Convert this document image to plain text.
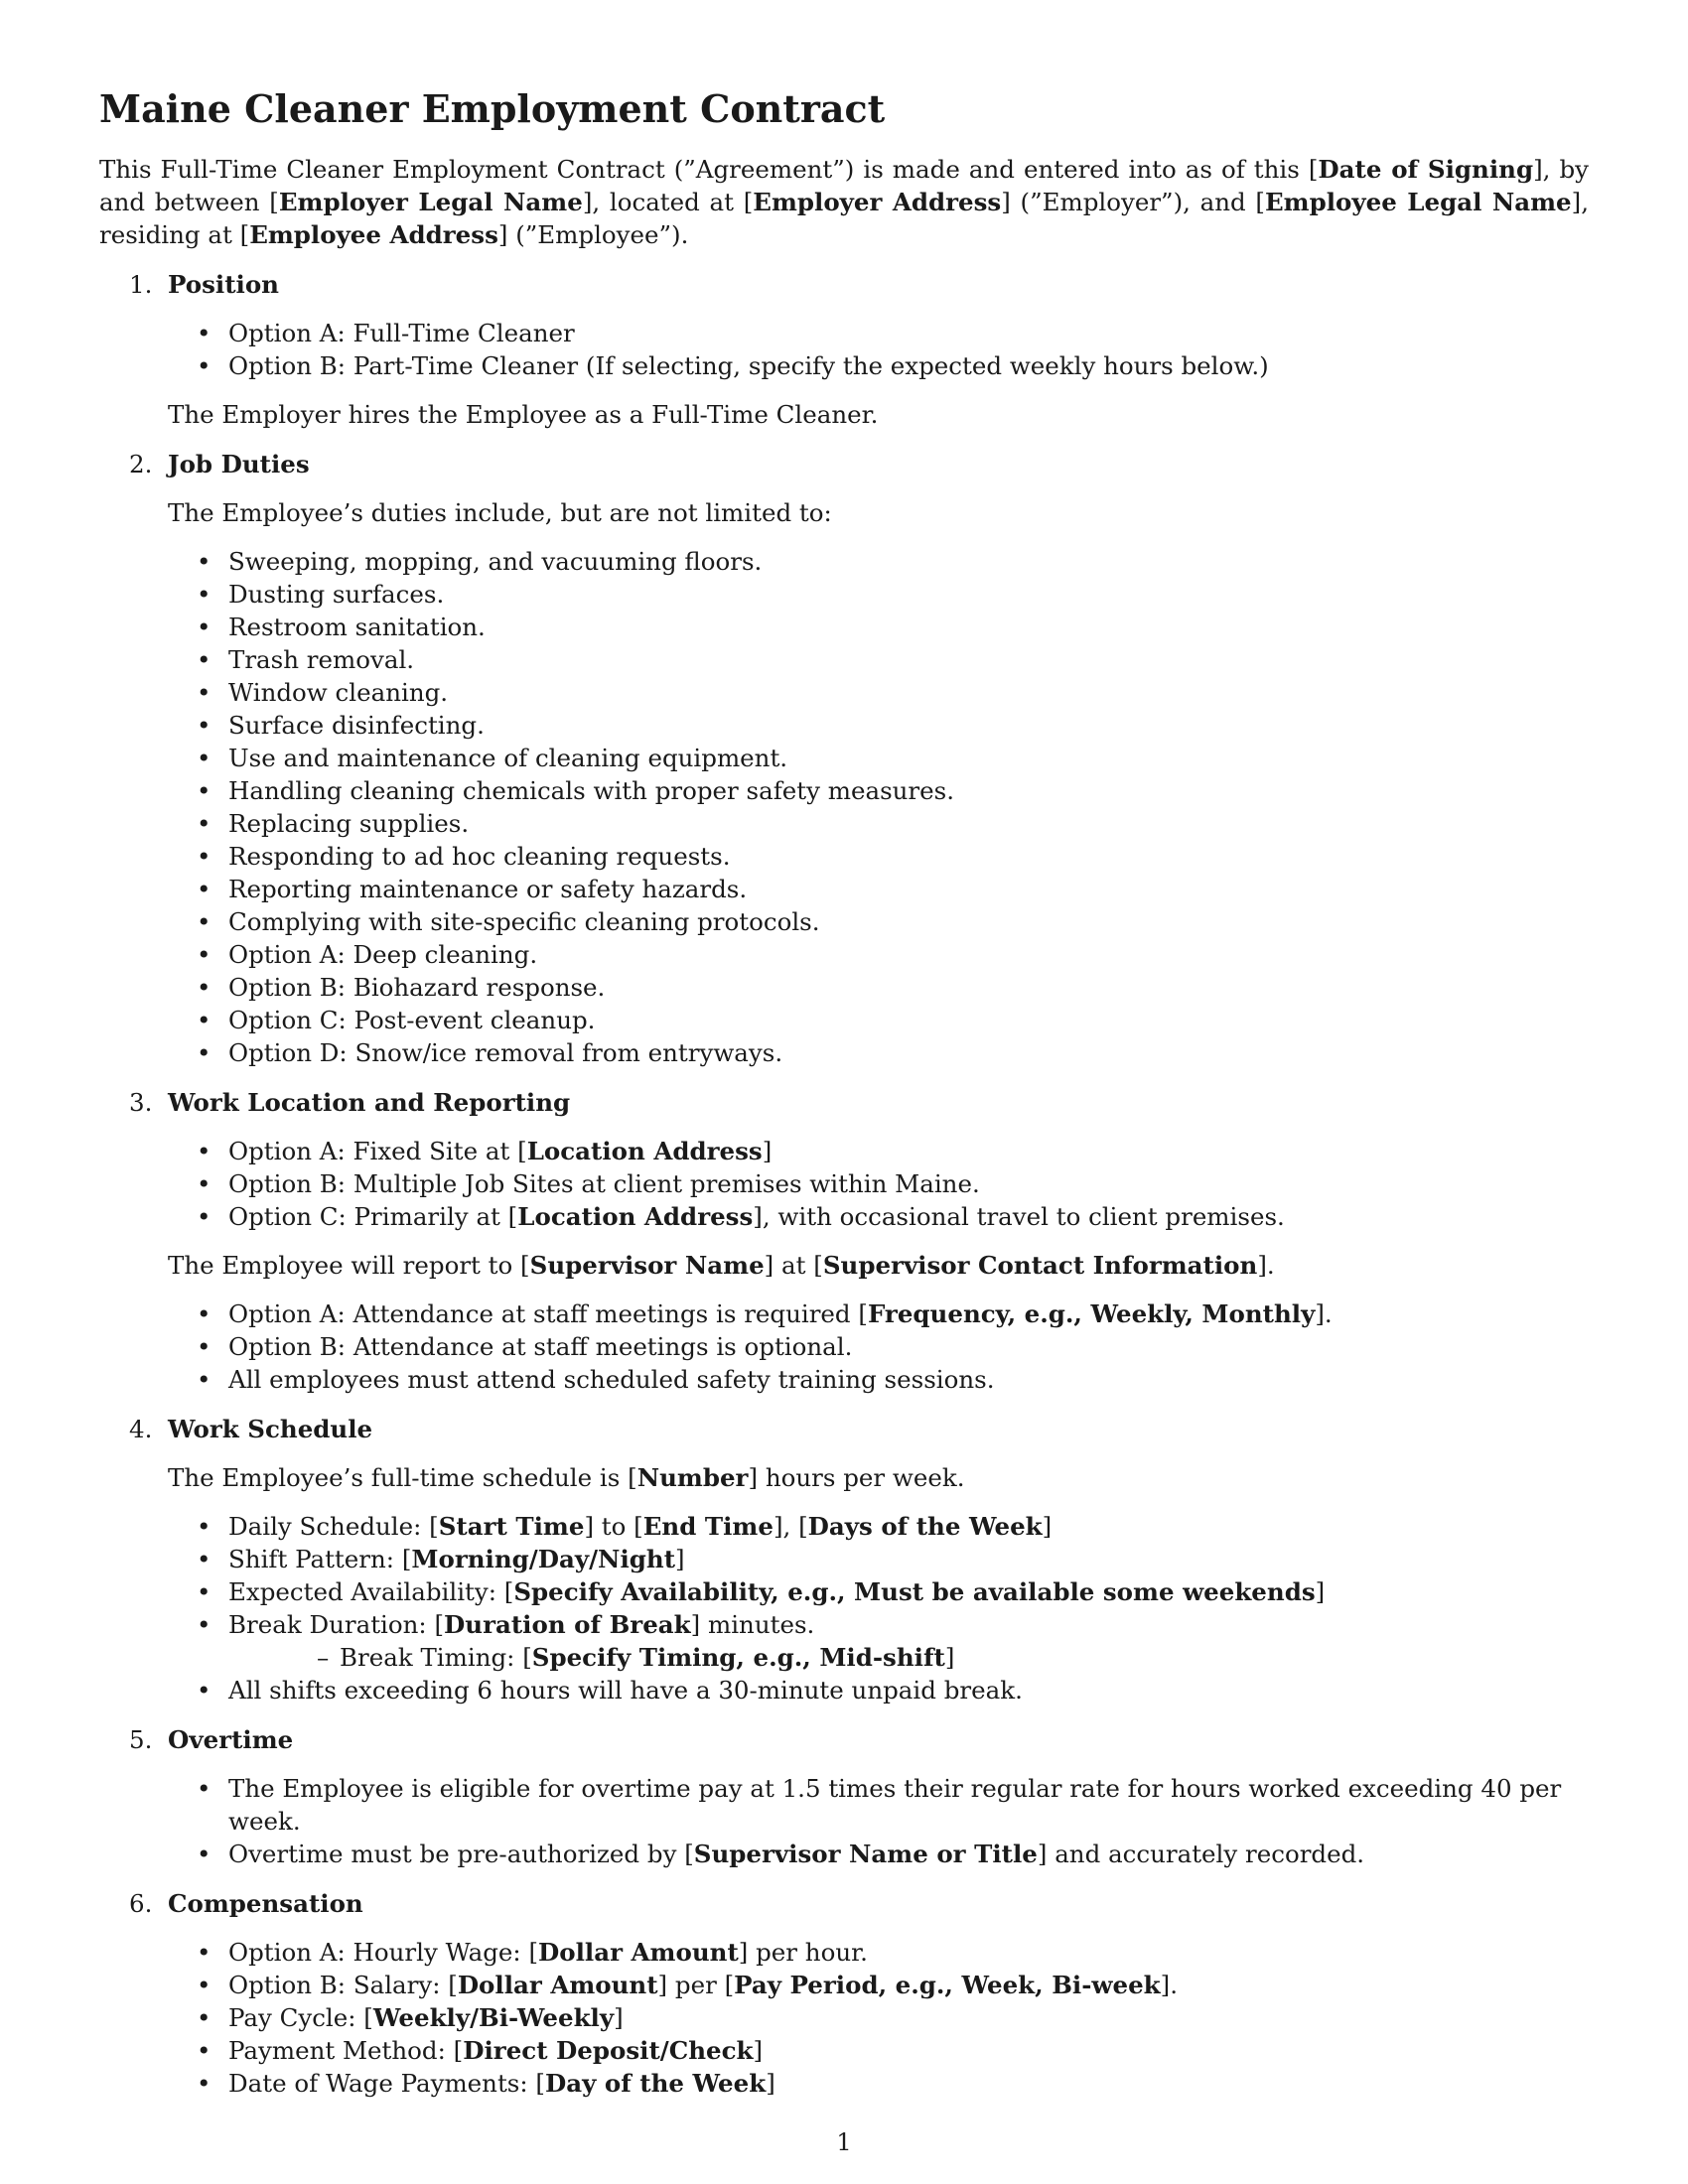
Maine Cleaner Employment Contract

This Full-Time Cleaner Employment Contract (”Agreement”) is made and entered into as of this [Date of Signing], by and between [Employer Legal Name], located at [Employer Address] (”Employer”), and [Employee Legal Name], residing at [Employee Address] (”Employee”).

1. Position
• Option A: Full-Time Cleaner
• Option B: Part-Time Cleaner (If selecting, specify the expected weekly hours below.)

The Employer hires the Employee as a Full-Time Cleaner.

2. Job Duties

The Employee’s duties include, but are not limited to:

• Sweeping, mopping, and vacuuming floors.
• Dusting surfaces.
• Restroom sanitation.
• Trash removal.
• Window cleaning.
• Surface disinfecting.
• Use and maintenance of cleaning equipment.
• Handling cleaning chemicals with proper safety measures.
• Replacing supplies.
• Responding to ad hoc cleaning requests.
• Reporting maintenance or safety hazards.
• Complying with site-specific cleaning protocols.
• Option A: Deep cleaning.
• Option B: Biohazard response.
• Option C: Post-event cleanup.
• Option D: Snow/ice removal from entryways.
3. Work Location and Reporting
• Option A: Fixed Site at [Location Address]
• Option B: Multiple Job Sites at client premises within Maine.
• Option C: Primarily at [Location Address], with occasional travel to client premises.

The Employee will report to [Supervisor Name] at [Supervisor Contact Information].

• Option A: Attendance at staff meetings is required [Frequency, e.g., Weekly, Monthly].
• Option B: Attendance at staff meetings is optional.
• All employees must attend scheduled safety training sessions.
4. Work Schedule

The Employee’s full-time schedule is [Number] hours per week.

• Daily Schedule: [Start Time] to [End Time], [Days of the Week]
• Shift Pattern: [Morning/Day/Night]
• Expected Availability: [Specify Availability, e.g., Must be available some weekends]
• Break Duration: [Duration of Break] minutes.
– Break Timing: [Specify Timing, e.g., Mid-shift]
• All shifts exceeding 6 hours will have a 30-minute unpaid break.
5. Overtime
• The Employee is eligible for overtime pay at 1.5 times their regular rate for hours worked exceeding 40 per week.
• Overtime must be pre-authorized by [Supervisor Name or Title] and accurately recorded.
6. Compensation
• Option A: Hourly Wage: [Dollar Amount] per hour.
• Option B: Salary: [Dollar Amount] per [Pay Period, e.g., Week, Bi-week].
• Pay Cycle: [Weekly/Bi-Weekly]
• Payment Method: [Direct Deposit/Check]
• Date of Wage Payments: [Day of the Week]
1
